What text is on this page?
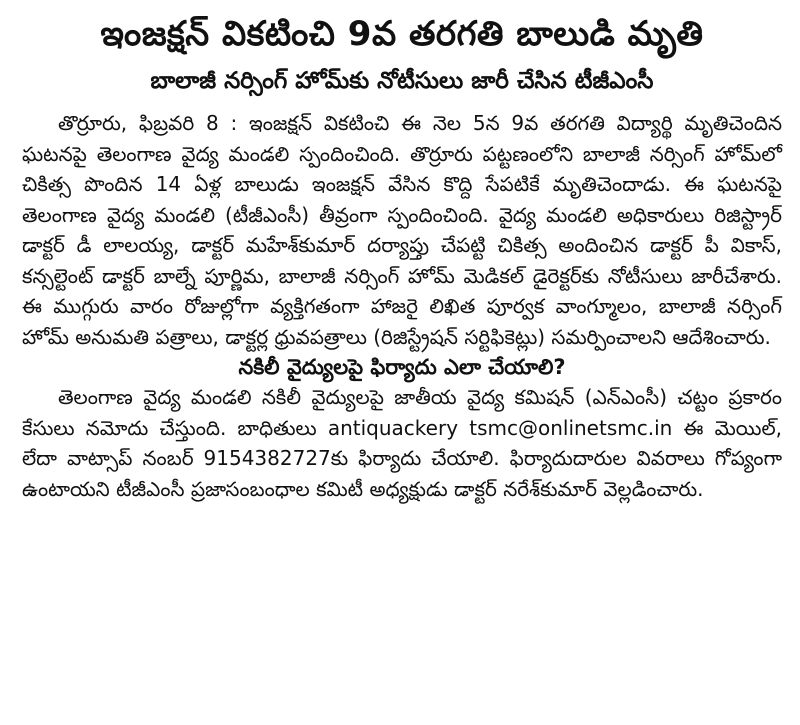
ఇంజక్షన్ వికటించి 9వ తరగతి బాలుడి మృతి
బాలాజీ నర్సింగ్ హోమ్‌కు నోటీసులు జారీ చేసిన టీజీఎంసీ

తొర్రూరు, ఫిబ్రవరి 8 : ఇంజక్షన్ వికటించి ఈ నెల 5న 9వ తరగతి విద్యార్థి మృతిచెందిన ఘటనపై తెలంగాణ వైద్య మండలి స్పందించింది. తొర్రూరు పట్టణంలోని బాలాజీ నర్సింగ్ హోమ్‌లో చికిత్స పొందిన 14 ఏళ్ల బాలుడు ఇంజక్షన్ వేసిన కొద్ది సేపటికే మృతిచెందాడు. ఈ ఘటనపై తెలంగాణ వైద్య మండలి (టీజీఎంసీ) తీవ్రంగా స్పందించింది. వైద్య మండలి అధికారులు రిజిస్ట్రార్ డాక్టర్ డీ లాలయ్య, డాక్టర్ మహేశ్‌కుమార్ దర్యాప్తు చేపట్టి చికిత్స అందించిన డాక్టర్ పీ వికాస్, కన్సల్టెంట్ డాక్టర్ బాల్నే పూర్ణిమ, బాలాజీ నర్సింగ్ హోమ్ మెడికల్ డైరెక్టర్‌కు నోటీసులు జారీచేశారు. ఈ ముగ్గురు వారం రోజుల్లోగా వ్యక్తిగతంగా హాజరై లిఖిత పూర్వక వాంగ్మూలం, బాలాజీ నర్సింగ్ హోమ్ అనుమతి పత్రాలు, డాక్టర్ల ధ్రువపత్రాలు (రిజిస్ట్రేషన్ సర్టిఫికెట్లు) సమర్పించాలని ఆదేశించారు.

నకిలీ వైద్యులపై ఫిర్యాదు ఎలా చేయాలి?

తెలంగాణ వైద్య మండలి నకిలీ వైద్యులపై జాతీయ వైద్య కమిషన్ (ఎన్‌ఎంసీ) చట్టం ప్రకారం కేసులు నమోదు చేస్తుంది. బాధితులు antiquackery tsmc@onlinetsmc.in ఈ మెయిల్, లేదా వాట్సాప్ నంబర్ 9154382727కు ఫిర్యాదు చేయాలి. ఫిర్యాదుదారుల వివరాలు గోప్యంగా ఉంటాయని టీజీఎంసీ ప్రజాసంబంధాల కమిటీ అధ్యక్షుడు డాక్టర్ నరేశ్‌కుమార్ వెల్లడించారు.
